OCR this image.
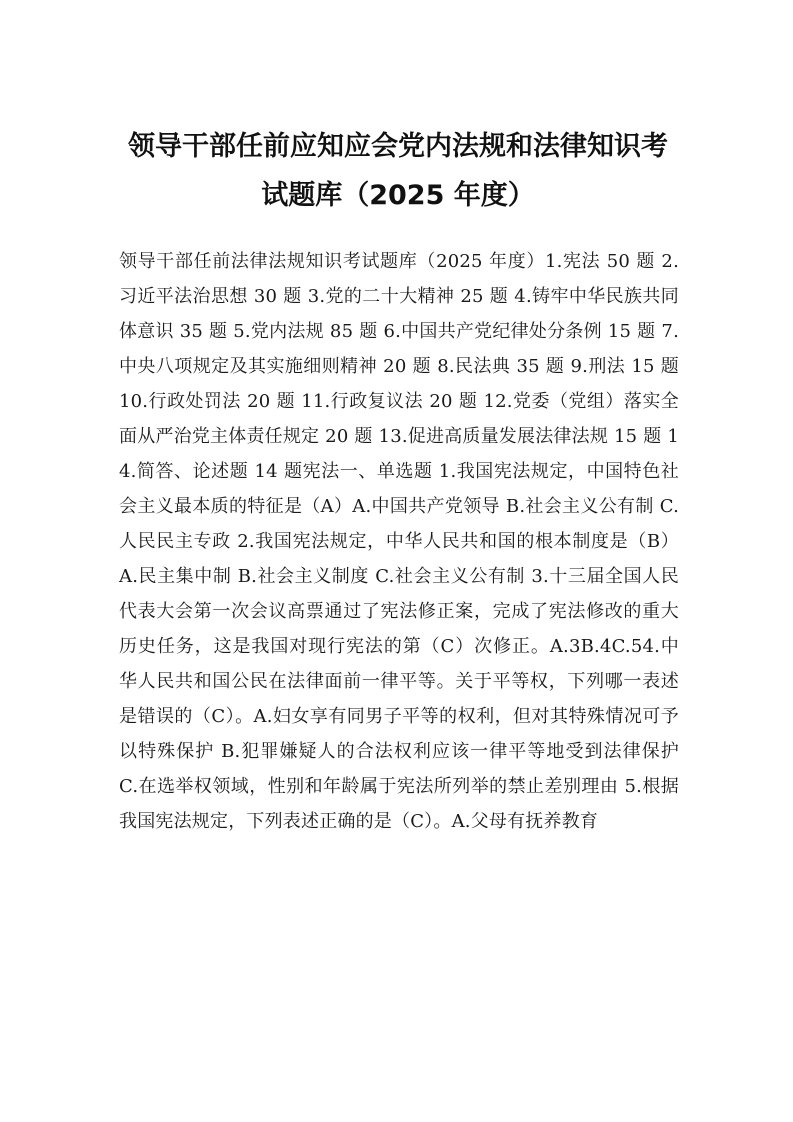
领导干部任前应知应会党内法规和法律知识考试题库（2025 年度）

领导干部任前法律法规知识考试题库（2025 年度）1.宪法 50 题 2.习近平法治思想 30 题 3.党的二十大精神 25 题 4.铸牢中华民族共同体意识 35 题 5.党内法规 85 题 6.中国共产党纪律处分条例 15 题 7.中央八项规定及其实施细则精神 20 题 8.民法典 35 题 9.刑法 15 题 10.行政处罚法 20 题 11.行政复议法 20 题 12.党委（党组）落实全面从严治党主体责任规定 20 题 13.促进高质量发展法律法规 15 题 14.简答、论述题 14 题宪法一、单选题 1.我国宪法规定，中国特色社会主义最本质的特征是（A）A.中国共产党领导 B.社会主义公有制 C.人民民主专政 2.我国宪法规定，中华人民共和国的根本制度是（B）A.民主集中制 B.社会主义制度 C.社会主义公有制 3.十三届全国人民代表大会第一次会议高票通过了宪法修正案，完成了宪法修改的重大历史任务，这是我国对现行宪法的第（C）次修正。A.3B.4C.54.中华人民共和国公民在法律面前一律平等。关于平等权，下列哪一表述是错误的（C）。A.妇女享有同男子平等的权利，但对其特殊情况可予以特殊保护 B.犯罪嫌疑人的合法权利应该一律平等地受到法律保护 C.在选举权领域，性别和年龄属于宪法所列举的禁止差别理由 5.根据我国宪法规定，下列表述正确的是（C）。A.父母有抚养教育
